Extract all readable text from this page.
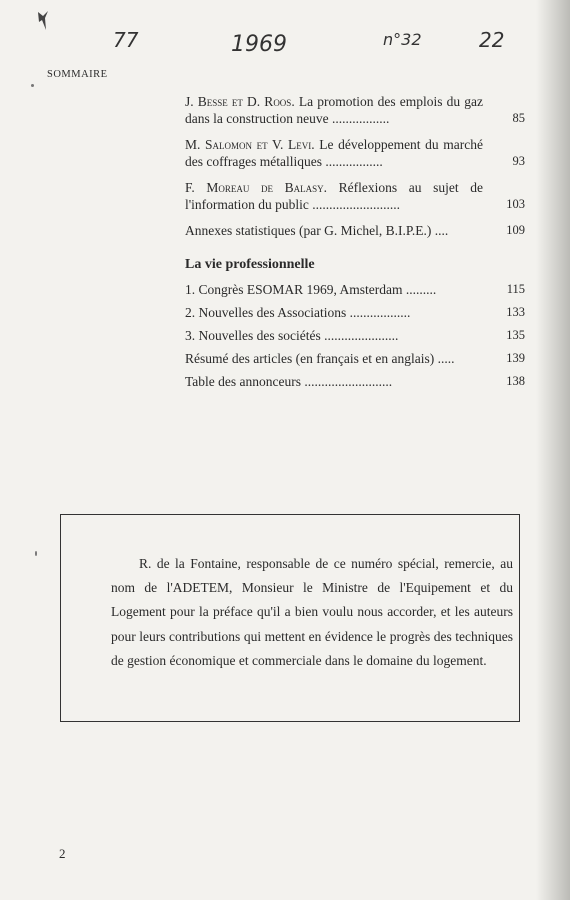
77	1969	n°32	22
SOMMAIRE
J. Besse et D. Roos. La promotion des emplois du gaz dans la construction neuve .................	85
M. Salomon et V. Levi. Le développement du marché des coffrages métalliques .................	93
F. Moreau de Balasy. Réflexions au sujet de l'information du public ..........................	103
Annexes statistiques (par G. Michel, B.I.P.E.) ....	109
La vie professionnelle
1. Congrès ESOMAR 1969, Amsterdam .........	115
2. Nouvelles des Associations ..................	133
3. Nouvelles des sociétés ......................	135
Résumé des articles (en français et en anglais) .....	139
Table des annonceurs ..........................	138
R. de la Fontaine, responsable de ce numéro spécial, remercie, au nom de l'ADETEM, Monsieur le Ministre de l'Equipement et du Logement pour la préface qu'il a bien voulu nous accorder, et les auteurs pour leurs contributions qui mettent en évidence le progrès des techniques de gestion économique et commerciale dans le domaine du logement.
2
